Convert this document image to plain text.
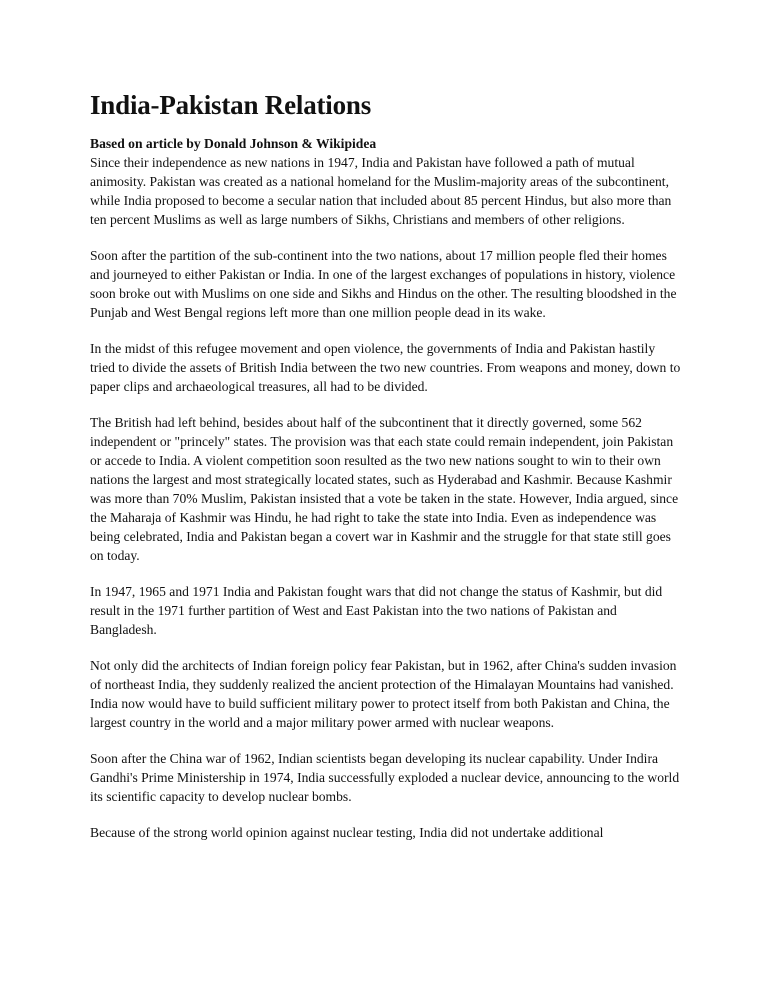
India-Pakistan Relations

Based on article by Donald Johnson & Wikipidea

Since their independence as new nations in 1947, India and Pakistan have followed a path of mutual animosity. Pakistan was created as a national homeland for the Muslim-majority areas of the subcontinent, while India proposed to become a secular nation that included about 85 percent Hindus, but also more than ten percent Muslims as well as large numbers of Sikhs, Christians and members of other religions.

Soon after the partition of the sub-continent into the two nations, about 17 million people fled their homes and journeyed to either Pakistan or India. In one of the largest exchanges of populations in history, violence soon broke out with Muslims on one side and Sikhs and Hindus on the other. The resulting bloodshed in the Punjab and West Bengal regions left more than one million people dead in its wake.

In the midst of this refugee movement and open violence, the governments of India and Pakistan hastily tried to divide the assets of British India between the two new countries. From weapons and money, down to paper clips and archaeological treasures, all had to be divided.

The British had left behind, besides about half of the subcontinent that it directly governed, some 562 independent or "princely" states. The provision was that each state could remain independent, join Pakistan or accede to India. A violent competition soon resulted as the two new nations sought to win to their own nations the largest and most strategically located states, such as Hyderabad and Kashmir. Because Kashmir was more than 70% Muslim, Pakistan insisted that a vote be taken in the state. However, India argued, since the Maharaja of Kashmir was Hindu, he had right to take the state into India. Even as independence was being celebrated, India and Pakistan began a covert war in Kashmir and the struggle for that state still goes on today.

In 1947, 1965 and 1971 India and Pakistan fought wars that did not change the status of Kashmir, but did result in the 1971 further partition of West and East Pakistan into the two nations of Pakistan and Bangladesh.

Not only did the architects of Indian foreign policy fear Pakistan, but in 1962, after China's sudden invasion of northeast India, they suddenly realized the ancient protection of the Himalayan Mountains had vanished. India now would have to build sufficient military power to protect itself from both Pakistan and China, the largest country in the world and a major military power armed with nuclear weapons.

Soon after the China war of 1962, Indian scientists began developing its nuclear capability. Under Indira Gandhi's Prime Ministership in 1974, India successfully exploded a nuclear device, announcing to the world its scientific capacity to develop nuclear bombs.

Because of the strong world opinion against nuclear testing, India did not undertake additional
